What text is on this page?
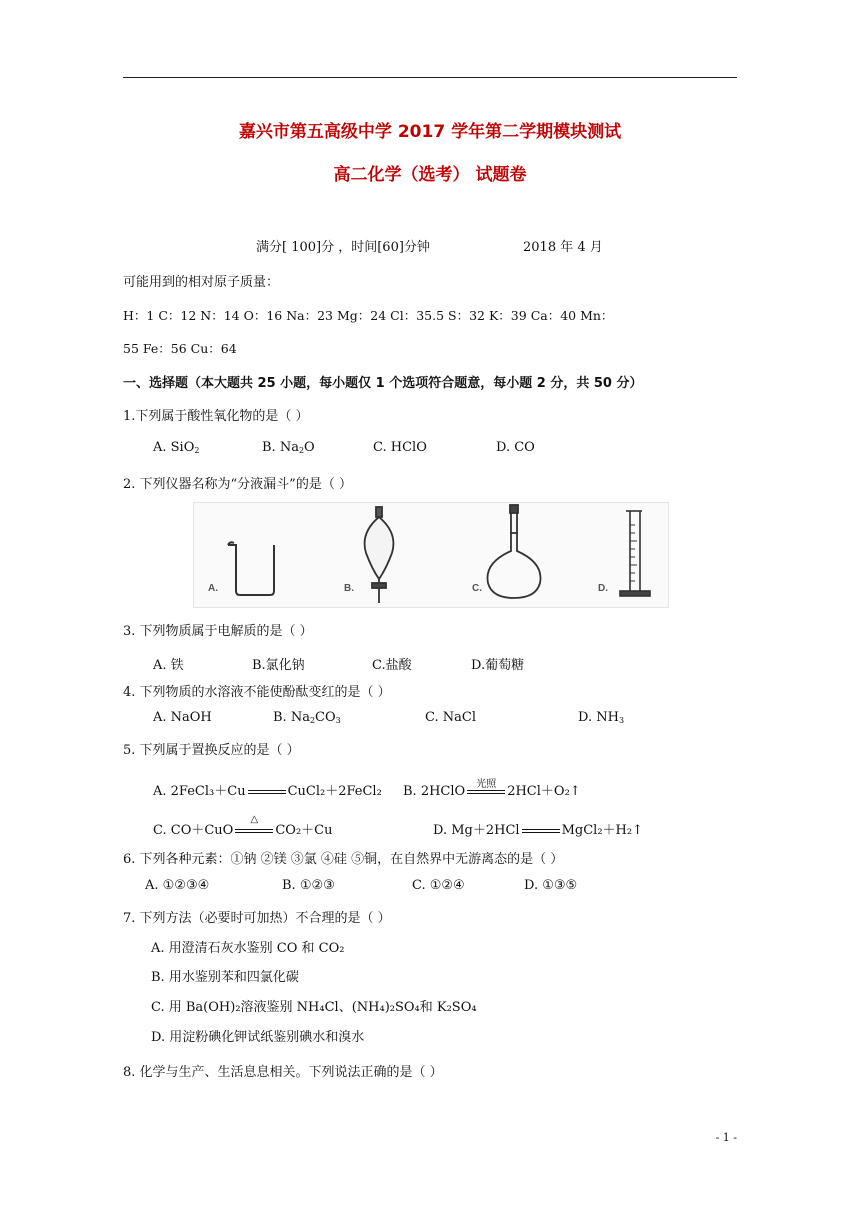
嘉兴市第五高级中学 2017 学年第二学期模块测试
高二化学（选考） 试题卷
满分[ 100]分 ，时间[60]分钟	2018 年 4 月
可能用到的相对原子质量：
H：1 C：12 N：14 O：16 Na：23 Mg：24 Cl：35.5 S：32 K：39 Ca：40 Mn：
55 Fe：56 Cu：64
一、选择题（本大题共 25 小题，每小题仅 1 个选项符合题意，每小题 2 分，共 50 分）
1.下列属于酸性氧化物的是（ ）
A. SiO$_2$	B. $Na_2O$	C. HClO	D. CO
2. 下列仪器名称为“分液漏斗”的是（ ）
A.	B.	C.	D.
3. 下列物质属于电解质的是（ ）
A. 铁	B.氯化钠	C.盐酸	D.葡萄糖
4. 下列物质的水溶液不能使酚酞变红的是（ ）
A. NaOH	B. $Na_2CO_3$	C. NaCl	D. $NH_3$
5. 下列属于置换反应的是（ ）
A. 2FeCl₃＋Cu	CuCl₂＋2FeCl₂ B. 2HClO	光照 2HCl＋O₂↑
C. CO＋CuO
△
CO₂＋Cu	D. Mg＋2HCl	MgCl₂＋H₂↑
6. 下列各种元素：①钠 ②镁 ③氯 ④硅 ⑤铜，在自然界中无游离态的是（ ）
A. ①②③④	B. ①②③	C. ①②④	D. ①③⑤
7. 下列方法（必要时可加热）不合理的是（ ）
A. 用澄清石灰水鉴别 CO 和 CO₂
B. 用水鉴别苯和四氯化碳
C. 用 Ba(OH)₂溶液鉴别 NH₄Cl、(NH₄)₂SO₄和 K₂SO₄
D. 用淀粉碘化钾试纸鉴别碘水和溴水
8. 化学与生产、生活息息相关。下列说法正确的是（ ）
- 1 -
